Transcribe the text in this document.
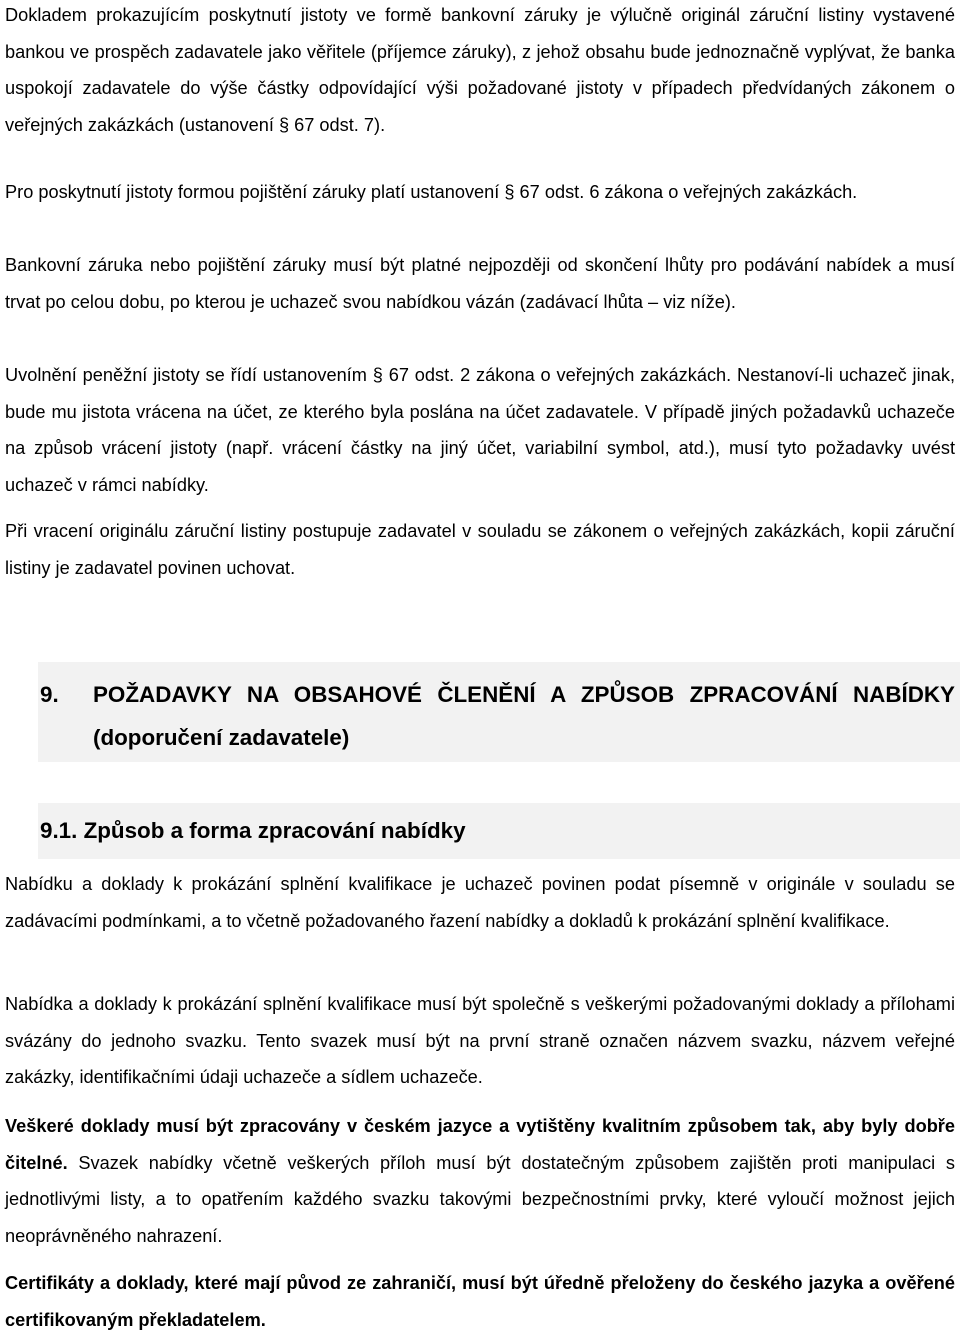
Dokladem prokazujícím poskytnutí jistoty ve formě bankovní záruky je výlučně originál záruční listiny vystavené bankou ve prospěch zadavatele jako věřitele (příjemce záruky), z jehož obsahu bude jednoznačně vyplývat, že banka uspokojí zadavatele do výše částky odpovídající výši požadované jistoty v případech předvídaných zákonem o veřejných zakázkách (ustanovení § 67 odst. 7).

Pro poskytnutí jistoty formou pojištění záruky platí ustanovení § 67 odst. 6 zákona o veřejných zakázkách.

Bankovní záruka nebo pojištění záruky musí být platné nejpozději od skončení lhůty pro podávání nabídek a musí trvat po celou dobu, po kterou je uchazeč svou nabídkou vázán (zadávací lhůta – viz níže).

Uvolnění peněžní jistoty se řídí ustanovením § 67 odst. 2 zákona o veřejných zakázkách. Nestanoví-li uchazeč jinak, bude mu jistota vrácena na účet, ze kterého byla poslána na účet zadavatele. V případě jiných požadavků uchazeče na způsob vrácení jistoty (např. vrácení částky na jiný účet, variabilní symbol, atd.), musí tyto požadavky uvést uchazeč v rámci nabídky.

Při vracení originálu záruční listiny postupuje zadavatel v souladu se zákonem o veřejných zakázkách, kopii záruční listiny je zadavatel povinen uchovat.

9. POŽADAVKY NA OBSAHOVÉ ČLENĚNÍ A ZPŮSOB ZPRACOVÁNÍ NABÍDKY (doporučení zadavatele)
9.1. Způsob a forma zpracování nabídky

Nabídku a doklady k prokázání splnění kvalifikace je uchazeč povinen podat písemně v originále v souladu se zadávacími podmínkami, a to včetně požadovaného řazení nabídky a dokladů k prokázání splnění kvalifikace.

Nabídka a doklady k prokázání splnění kvalifikace musí být společně s veškerými požadovanými doklady a přílohami svázány do jednoho svazku. Tento svazek musí být na první straně označen názvem svazku, názvem veřejné zakázky, identifikačními údaji uchazeče a sídlem uchazeče.

Veškeré doklady musí být zpracovány v českém jazyce a vytištěny kvalitním způsobem tak, aby byly dobře čitelné. Svazek nabídky včetně veškerých příloh musí být dostatečným způsobem zajištěn proti manipulaci s jednotlivými listy, a to opatřením každého svazku takovými bezpečnostními prvky, které vyloučí možnost jejich neoprávněného nahrazení.

Certifikáty a doklady, které mají původ ze zahraničí, musí být úředně přeloženy do českého jazyka a ověřené certifikovaným překladatelem.
